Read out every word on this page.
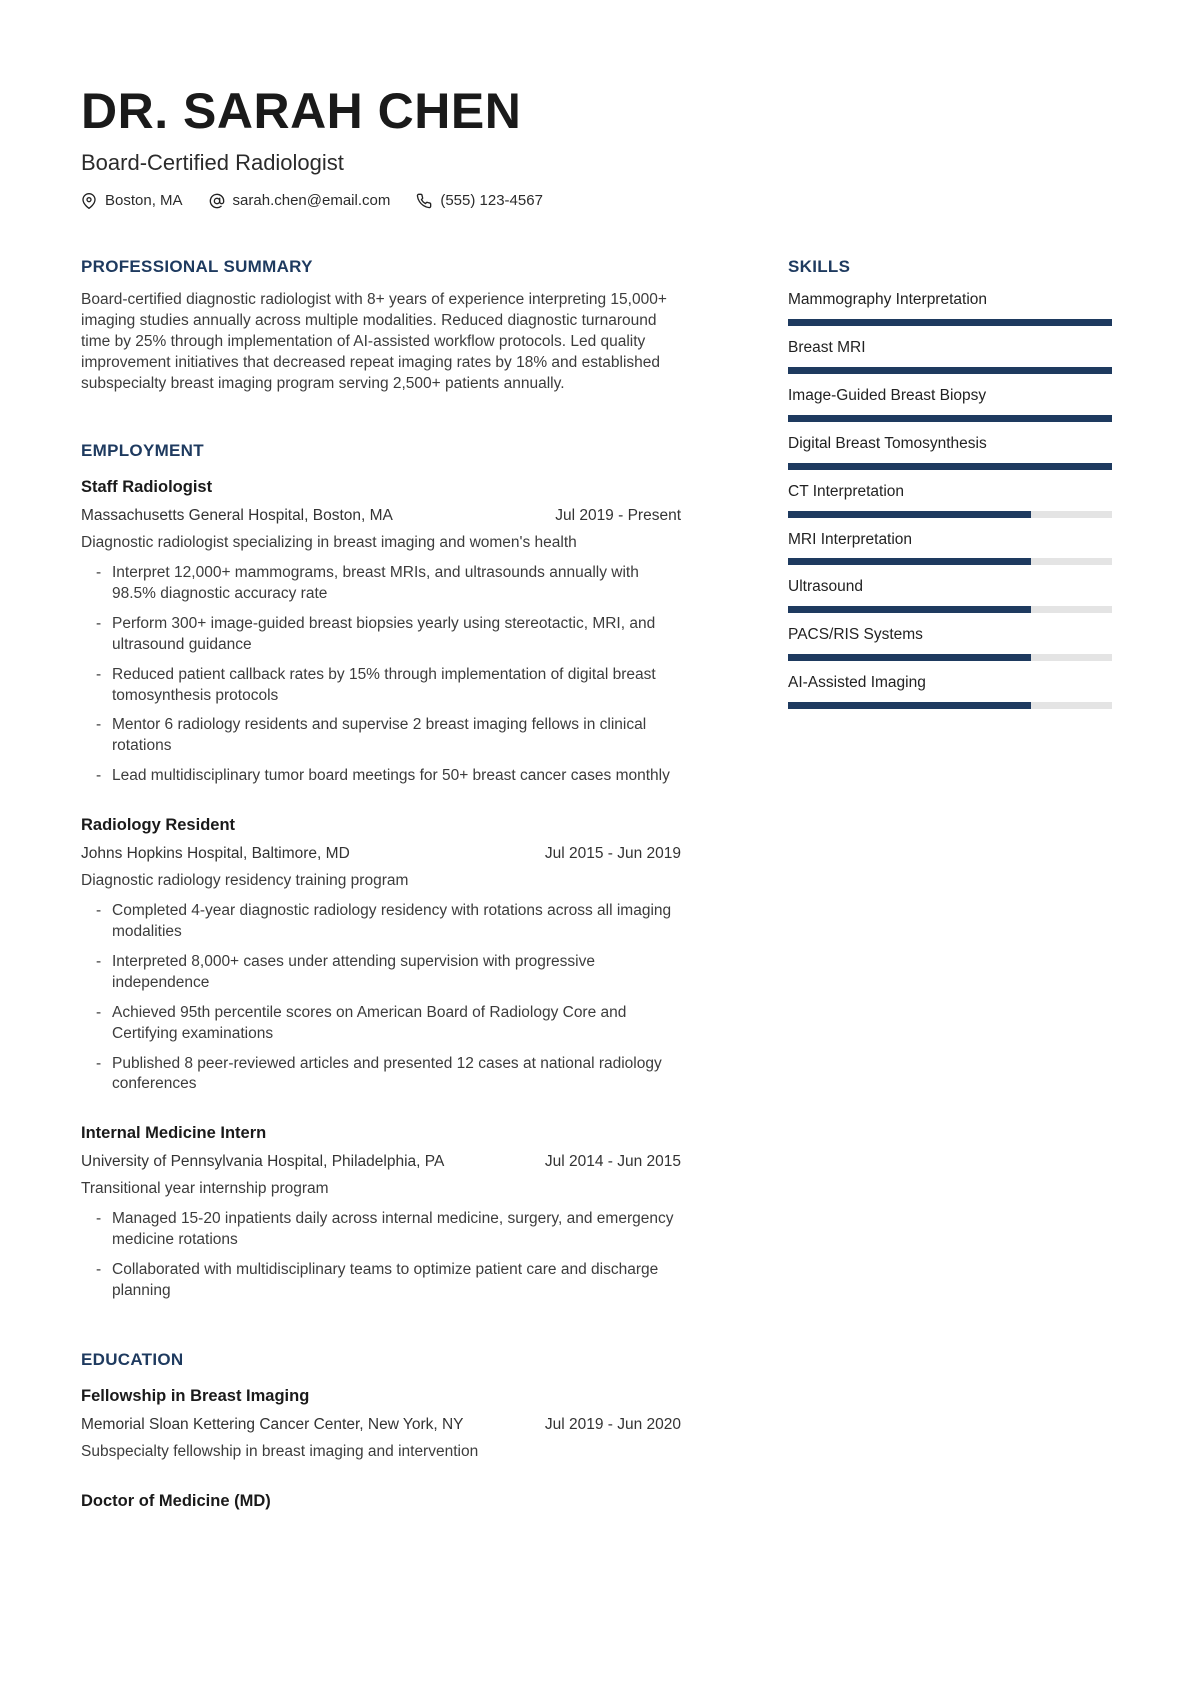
DR. SARAH CHEN
Board-Certified Radiologist
Boston, MA	sarah.chen@email.com	(555) 123-4567
PROFESSIONAL SUMMARY

Board-certified diagnostic radiologist with 8+ years of experience interpreting 15,000+ imaging studies annually across multiple modalities. Reduced diagnostic turnaround time by 25% through implementation of AI-assisted workflow protocols. Led quality improvement initiatives that decreased repeat imaging rates by 18% and established subspecialty breast imaging program serving 2,500+ patients annually.

EMPLOYMENT
Staff Radiologist
Massachusetts General Hospital, Boston, MA	Jul 2019 - Present

Diagnostic radiologist specializing in breast imaging and women's health

- Interpret 12,000+ mammograms, breast MRIs, and ultrasounds annually with 98.5% diagnostic accuracy rate
- Perform 300+ image-guided breast biopsies yearly using stereotactic, MRI, and ultrasound guidance
- Reduced patient callback rates by 15% through implementation of digital breast tomosynthesis protocols
- Mentor 6 radiology residents and supervise 2 breast imaging fellows in clinical rotations
- Lead multidisciplinary tumor board meetings for 50+ breast cancer cases monthly
Radiology Resident
Johns Hopkins Hospital, Baltimore, MD	Jul 2015 - Jun 2019

Diagnostic radiology residency training program

- Completed 4-year diagnostic radiology residency with rotations across all imaging modalities
- Interpreted 8,000+ cases under attending supervision with progressive independence
- Achieved 95th percentile scores on American Board of Radiology Core and Certifying examinations
- Published 8 peer-reviewed articles and presented 12 cases at national radiology conferences
Internal Medicine Intern
University of Pennsylvania Hospital, Philadelphia, PA	Jul 2014 - Jun 2015

Transitional year internship program

- Managed 15-20 inpatients daily across internal medicine, surgery, and emergency medicine rotations
- Collaborated with multidisciplinary teams to optimize patient care and discharge planning
EDUCATION
Fellowship in Breast Imaging
Memorial Sloan Kettering Cancer Center, New York, NY	Jul 2019 - Jun 2020

Subspecialty fellowship in breast imaging and intervention

Doctor of Medicine (MD)
SKILLS
Mammography Interpretation
Breast MRI
Image-Guided Breast Biopsy
Digital Breast Tomosynthesis
CT Interpretation
MRI Interpretation
Ultrasound
PACS/RIS Systems
AI-Assisted Imaging
